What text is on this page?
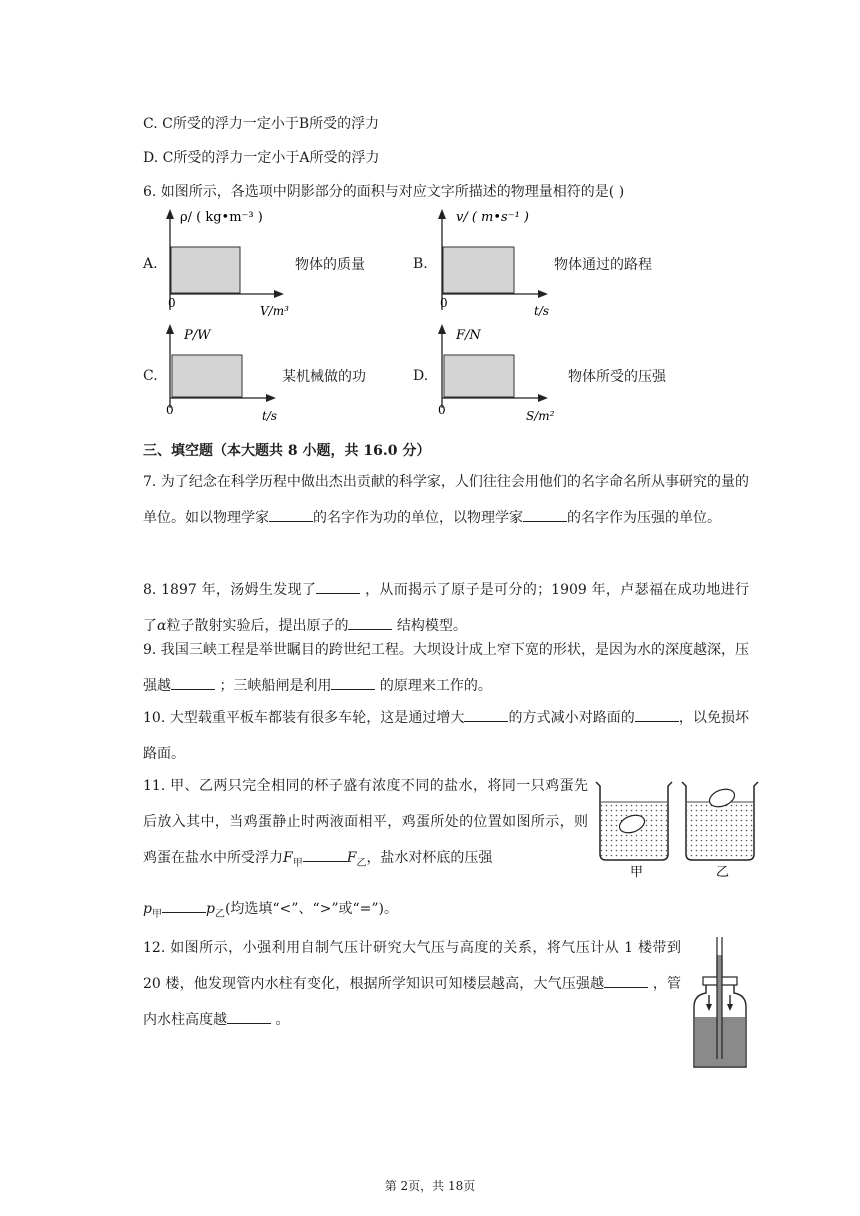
C. C所受的浮力一定小于B所受的浮力
D. C所受的浮力一定小于A所受的浮力
6. 如图所示，各选项中阴影部分的面积与对应文字所描述的物理量相符的是( )
A.
ρ/ ( kg•m⁻³ )
0
V/m³
物体的质量	B.
v/ ( m•s⁻¹ )
0
t/s
物体通过的路程
C.
P/W
0	t/s
某机械做的功	D.
F/N
0	S/m²
物体所受的压强
三、填空题（本大题共 8 小题，共 16.0 分）
7. 为了纪念在科学历程中做出杰出贡献的科学家，人们往往会用他们的名字命名所从事研究的量的单位。如以物理学家	的名字作为功的单位，以物理学家	的名字作为压强的单位。
8. 1897 年，汤姆生发现了	，从而揭示了原子是可分的；1909 年，卢瑟福在成功地进行了α粒子散射实验后，提出原子的	结构模型。
9. 我国三峡工程是举世瞩目的跨世纪工程。大坝设计成上窄下宽的形状，是因为水的深度越深，压强越	；三峡船闸是利用	的原理来工作的。
10. 大型载重平板车都装有很多车轮，这是通过增大	的方式减小对路面的	，以免损坏路面。
11. 甲、乙两只完全相同的杯子盛有浓度不同的盐水，将同一只鸡蛋先后放入其中，当鸡蛋静止时两液面相平，鸡蛋所处的位置如图所示，则鸡蛋在盐水中所受浮力$F_甲$	$F_乙$，盐水对杯底的压强
$p_甲$	$p_乙$(均选填“<”、“>”或“=”)。
甲	乙
12. 如图所示，小强利用自制气压计研究大气压与高度的关系，将气压计从 1 楼带到 20 楼，他发现管内水柱有变化，根据所学知识可知楼层越高，大气压强越	，管内水柱高度越	。
第 2页，共 18页
